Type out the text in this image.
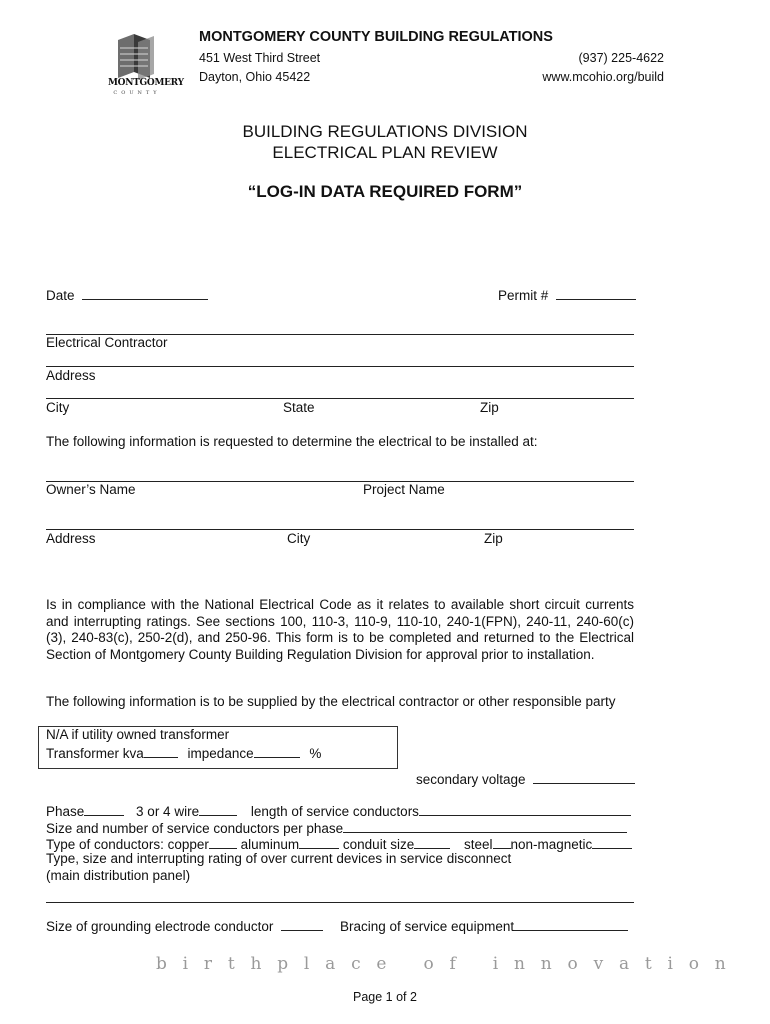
MONTGOMERY
COUNTY
MONTGOMERY COUNTY BUILDING REGULATIONS
451 West Third Street
Dayton, Ohio 45422
(937) 225-4622
www.mcohio.org/build
BUILDING REGULATIONS DIVISION
ELECTRICAL PLAN REVIEW
“LOG-IN DATA REQUIRED FORM”
Date	Permit #
Electrical Contractor
Address
City	State	Zip
The following information is requested to determine the electrical to be installed at:
Owner’s Name	Project Name
Address	City	Zip
Is in compliance with the National Electrical Code as it relates to available short circuit currents and interrupting ratings. See sections 100, 110-3, 110-9, 110-10, 240-1(FPN), 240-11, 240-60(c)(3), 240-83(c), 250-2(d), and 250-96. This form is to be completed and returned to the Electrical Section of Montgomery County Building Regulation Division for approval prior to installation.
The following information is to be supplied by the electrical contractor or other responsible party
N/A if utility owned transformer
Transformer kva	impedance	%
secondary voltage
Phase	3 or 4 wire	length of service conductors
Size and number of service conductors per phase
Type of conductors: copper aluminum	conduit size	steel non-magnetic
Type, size and interrupting rating of over current devices in service disconnect
(main distribution panel)
Size of grounding electrode conductor	Bracing of service equipment
birthplace of innovation
Page 1 of 2
